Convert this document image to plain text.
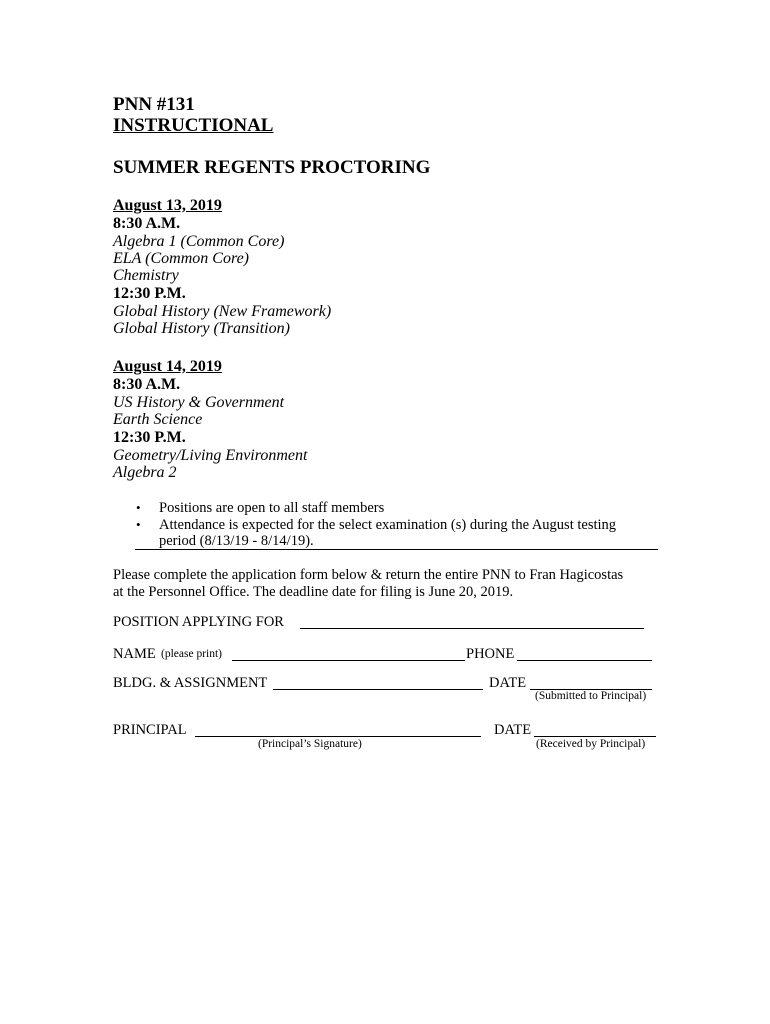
PNN #131
INSTRUCTIONAL
SUMMER REGENTS PROCTORING
August 13, 2019
8:30 A.M.
Algebra 1 (Common Core)
ELA (Common Core)
Chemistry
12:30 P.M.
Global History (New Framework)
Global History (Transition)
August 14, 2019
8:30 A.M.
US History & Government
Earth Science
12:30 P.M.
Geometry/Living Environment
Algebra 2
• Positions are open to all staff members
• Attendance is expected for the select examination (s) during the August testing
period (8/13/19 - 8/14/19).
Please complete the application form below & return the entire PNN to Fran Hagicostas
at the Personnel Office. The deadline date for filing is June 20, 2019.
POSITION APPLYING FOR
NAME (please print)	PHONE
BLDG. & ASSIGNMENT	DATE
(Submitted to Principal)
PRINCIPAL
(Principal’s Signature)
DATE
(Received by Principal)
